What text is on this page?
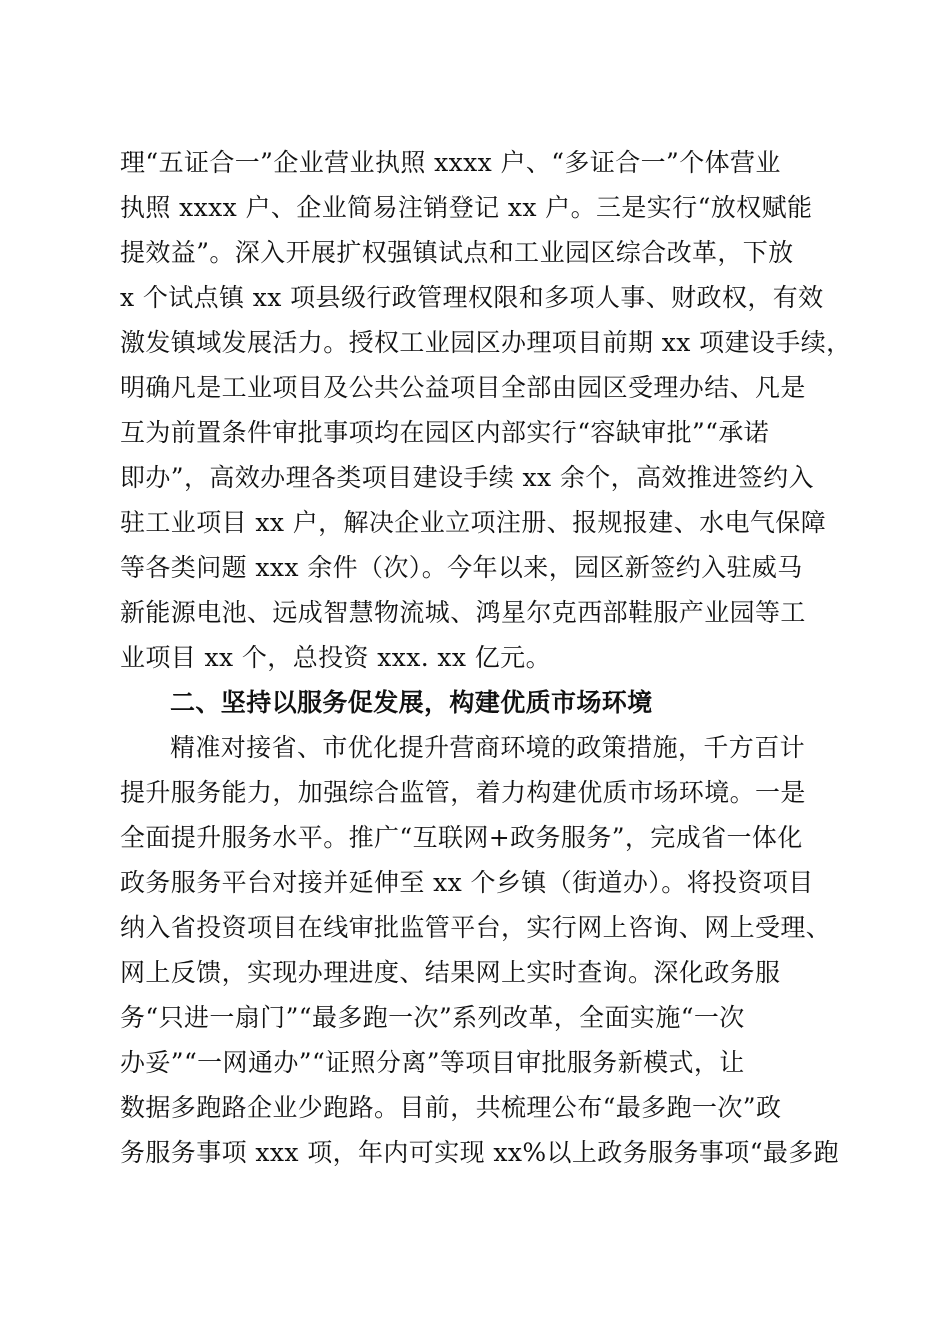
理“五证合一”企业营业执照 xxxx 户、“多证合一”个体营业
执照 xxxx 户、企业简易注销登记 xx 户。三是实行“放权赋能
提效益”。深入开展扩权强镇试点和工业园区综合改革，下放
x 个试点镇 xx 项县级行政管理权限和多项人事、财政权，有效
激发镇域发展活力。授权工业园区办理项目前期 xx 项建设手续，
明确凡是工业项目及公共公益项目全部由园区受理办结、凡是
互为前置条件审批事项均在园区内部实行“容缺审批”“承诺
即办”，高效办理各类项目建设手续 xx 余个，高效推进签约入
驻工业项目 xx 户，解决企业立项注册、报规报建、水电气保障
等各类问题 xxx 余件（次）。今年以来，园区新签约入驻威马
新能源电池、远成智慧物流城、鸿星尔克西部鞋服产业园等工
业项目 xx 个，总投资 xxx. xx 亿元。
二、坚持以服务促发展，构建优质市场环境
精准对接省、市优化提升营商环境的政策措施，千方百计
提升服务能力，加强综合监管，着力构建优质市场环境。一是
全面提升服务水平。推广“互联网+政务服务”，完成省一体化
政务服务平台对接并延伸至 xx 个乡镇（街道办）。将投资项目
纳入省投资项目在线审批监管平台，实行网上咨询、网上受理、
网上反馈，实现办理进度、结果网上实时查询。深化政务服
务“只进一扇门”“最多跑一次”系列改革，全面实施“一次
办妥”“一网通办”“证照分离”等项目审批服务新模式，让
数据多跑路企业少跑路。目前，共梳理公布“最多跑一次”政
务服务事项 xxx 项，年内可实现 xx%以上政务服务事项“最多跑
